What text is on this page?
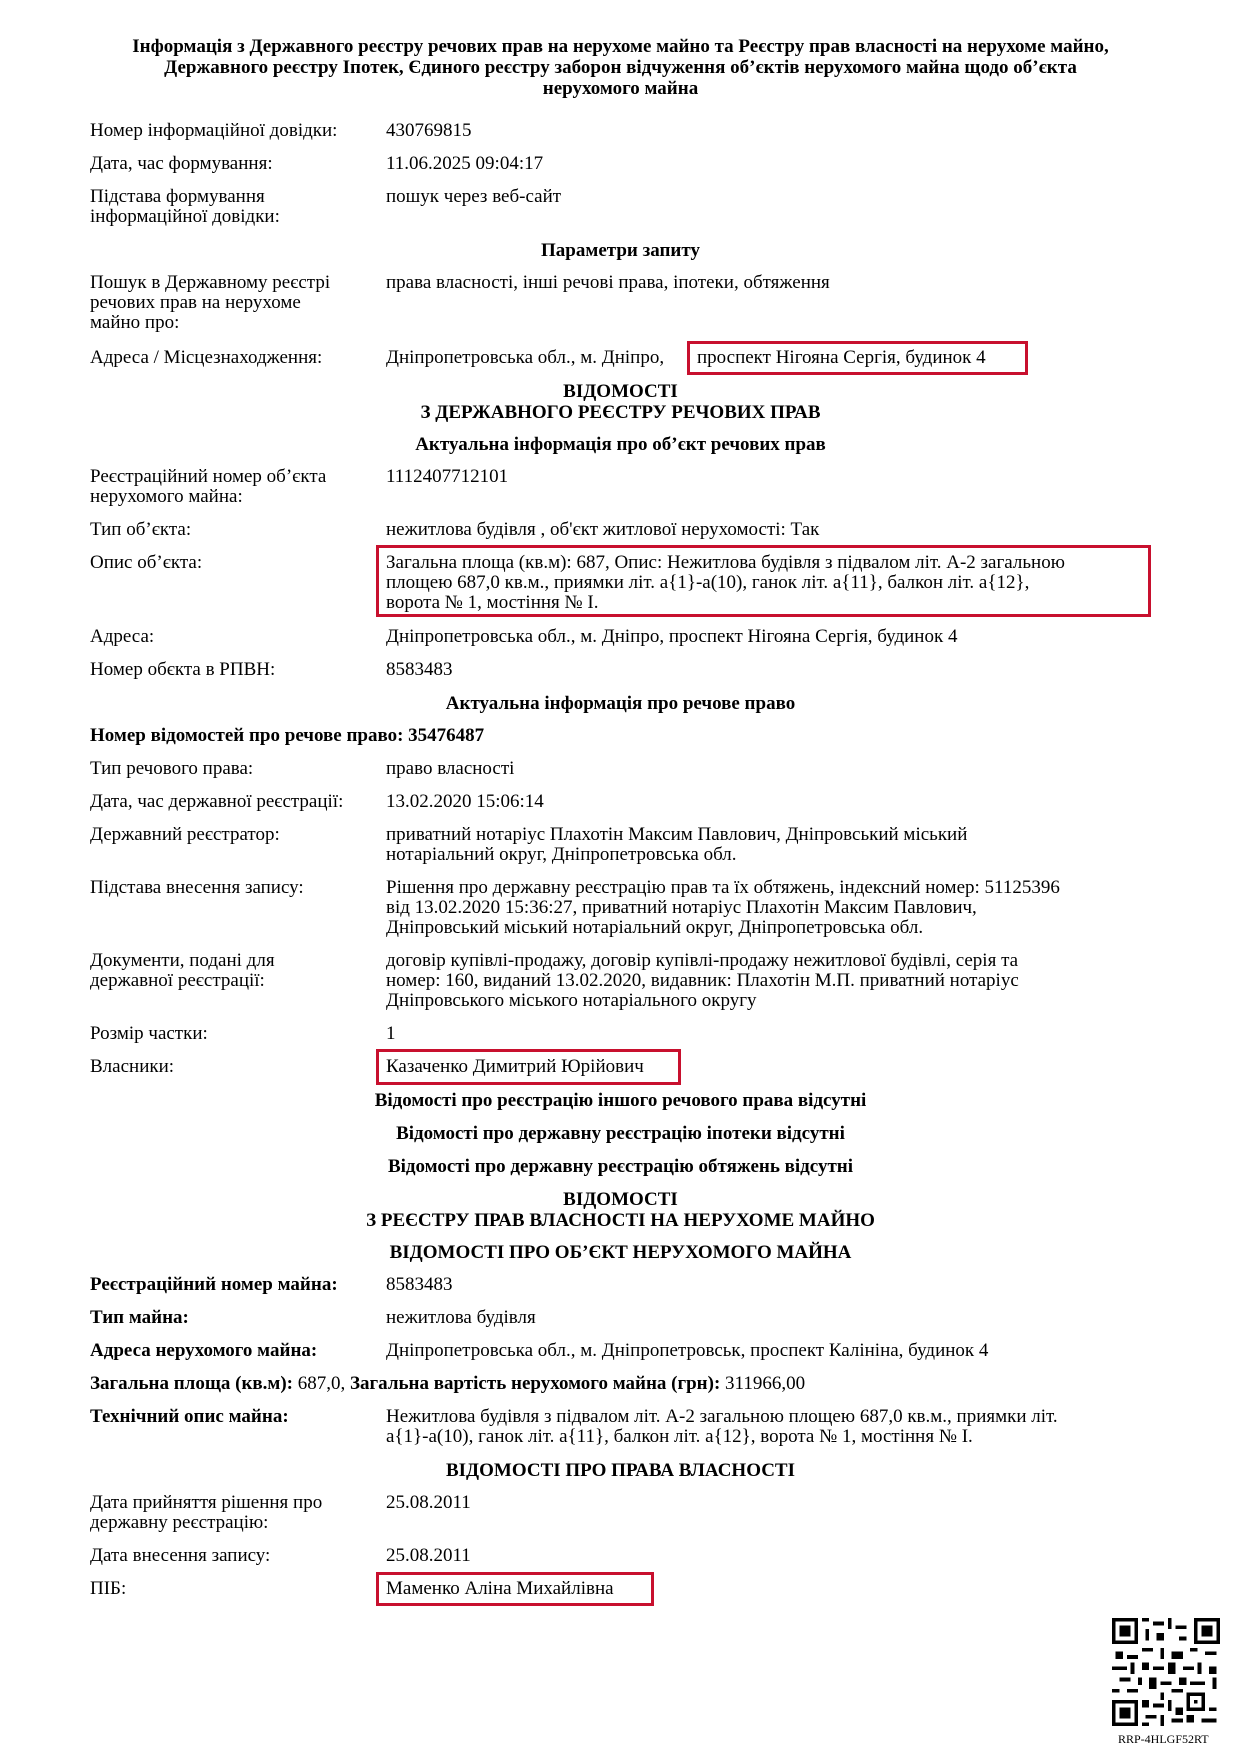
Інформація з Державного реєстру речових прав на нерухоме майно та Реєстру прав власності на нерухоме майно,
Державного реєстру Іпотек, Єдиного реєстру заборон відчуження об’єктів нерухомого майна щодо об’єкта
нерухомого майна
Номер інформаційної довідки:	430769815
Дата, час формування:	11.06.2025 09:04:17
Підстава формування
інформаційної довідки:
пошук через веб-сайт
Параметри запиту
Пошук в Державному реєстрі
речових прав на нерухоме
майно про:
права власності, інші речові права, іпотеки, обтяження
Адреса / Місцезнаходження:	Дніпропетровська обл., м. Дніпро, проспект Нігояна Сергія, будинок 4
ВІДОМОСТІ
З ДЕРЖАВНОГО РЕЄСТРУ РЕЧОВИХ ПРАВ
Актуальна інформація про об’єкт речових прав
Реєстраційний номер об’єкта
нерухомого майна:
1112407712101
Тип об’єкта:	нежитлова будівля , об'єкт житлової нерухомості: Так
Опис об’єкта:	Загальна площа (кв.м): 687, Опис: Нежитлова будівля з підвалом літ. А-2 загальною
площею 687,0 кв.м., приямки літ. а{1}-а(10), ганок літ. а{11}, балкон літ. а{12},
ворота № 1, мостіння № І.
Адреса:	Дніпропетровська обл., м. Дніпро, проспект Нігояна Сергія, будинок 4
Номер обєкта в РПВН:	8583483
Актуальна інформація про речове право
Номер відомостей про речове право: 35476487
Тип речового права:	право власності
Дата, час державної реєстрації:	13.02.2020 15:06:14
Державний реєстратор:	приватний нотаріус Плахотін Максим Павлович, Дніпровський міський
нотаріальний округ, Дніпропетровська обл.
Підстава внесення запису:	Рішення про державну реєстрацію прав та їх обтяжень, індексний номер: 51125396
від 13.02.2020 15:36:27, приватний нотаріус Плахотін Максим Павлович,
Дніпровський міський нотаріальний округ, Дніпропетровська обл.
Документи, подані для
державної реєстрації:
договір купівлі-продажу, договір купівлі-продажу нежитлової будівлі, серія та
номер: 160, виданий 13.02.2020, видавник: Плахотін М.П. приватний нотаріус
Дніпровського міського нотаріального округу
Розмір частки:	1
Власники:	Казаченко Димитрий Юрійович
Відомості про реєстрацію іншого речового права відсутні
Відомості про державну реєстрацію іпотеки відсутні
Відомості про державну реєстрацію обтяжень відсутні
ВІДОМОСТІ
З РЕЄСТРУ ПРАВ ВЛАСНОСТІ НА НЕРУХОМЕ МАЙНО
ВІДОМОСТІ ПРО ОБ’ЄКТ НЕРУХОМОГО МАЙНА
Реєстраційний номер майна:	8583483
Тип майна:	нежитлова будівля
Адреса нерухомого майна:	Дніпропетровська обл., м. Дніпропетровськ, проспект Калініна, будинок 4
Загальна площа (кв.м): 687,0, Загальна вартість нерухомого майна (грн): 311966,00
Технічний опис майна:	Нежитлова будівля з підвалом літ. А-2 загальною площею 687,0 кв.м., приямки літ.
а{1}-а(10), ганок літ. а{11}, балкон літ. а{12}, ворота № 1, мостіння № І.
ВІДОМОСТІ ПРО ПРАВА ВЛАСНОСТІ
Дата прийняття рішення про
державну реєстрацію:
25.08.2011
Дата внесення запису:	25.08.2011
ПІБ:	Маменко Аліна Михайлівна
RRP-4HLGF52RT
